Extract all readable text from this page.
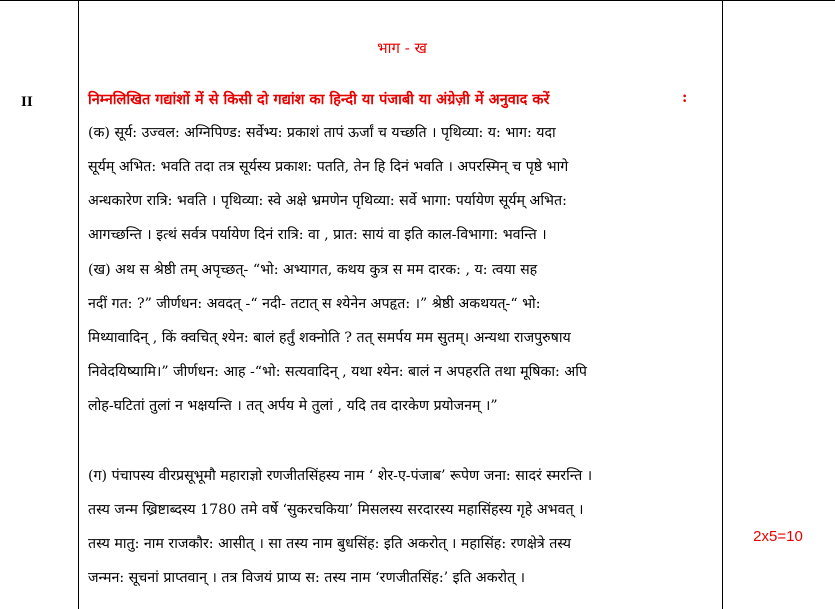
II
भाग - ख
निम्नलिखित गद्यांशों में से किसी दो गद्यांश का हिन्दी या पंजाबी या अंग्रेज़ी में अनुवाद करें	:
(क) सूर्य: उज्वल: अग्निपिण्ड: सर्वेभ्य: प्रकाशं तापं ऊर्जां च यच्छति । पृथिव्या: य: भाग: यदा
सूर्यम् अभित: भवति तदा तत्र सूर्यस्य प्रकाश: पतति, तेन हि दिनं भवति । अपरस्मिन् च पृष्ठे भागे
अन्धकारेण रात्रि: भवति । पृथिव्या: स्वे अक्षे भ्रमणेन पृथिव्या: सर्वे भागा: पर्यायेण सूर्यम् अभित:
आगच्छन्ति । इत्थं सर्वत्र पर्यायेण दिनं रात्रि: वा , प्रात: सायं वा इति काल-विभागा: भवन्ति ।
(ख) अथ स श्रेष्ठी तम् अपृच्छत्- “भो: अभ्यागत, कथय कुत्र स मम दारक: , य: त्वया सह
नदीं गत: ?” जीर्णधन: अवदत् -“ नदी- तटात् स श्येनेन अपहृत: ।” श्रेष्ठी अकथयत्-“ भो:
मिथ्यावादिन् , किं क्वचित् श्येन: बालं हर्तुं शक्नोति ? तत् समर्पय मम सुतम्। अन्यथा राजपुरुषाय
निवेदयिष्यामि।” जीर्णधन: आह -“भो: सत्यवादिन् , यथा श्येन: बालं न अपहरति तथा मूषिका: अपि
लोह-घटितां तुलां न भक्षयन्ति । तत् अर्पय मे तुलां , यदि तव दारकेण प्रयोजनम् ।”
(ग) पंचापस्य वीरप्रसूभूमौ महाराज्ञो रणजीतसिंहस्य नाम ‘ शेर-ए-पंजाब’ रूपेण जना: सादरं स्मरन्ति ।
तस्य जन्म ख्रिष्टाब्दस्य 1780 तमे वर्षे ‘सुकरचकिया’ मिसलस्य सरदारस्य महासिंहस्य गृहे अभवत् ।
तस्य मातु: नाम राजकौर: आसीत् । सा तस्य नाम बुधसिंह: इति अकरोत् । महासिंह: रणक्षेत्रे तस्य
जन्मन: सूचनां प्राप्तवान् । तत्र विजयं प्राप्य स: तस्य नाम ‘रणजीतसिंह:’ इति अकरोत् ।
2x5=10
